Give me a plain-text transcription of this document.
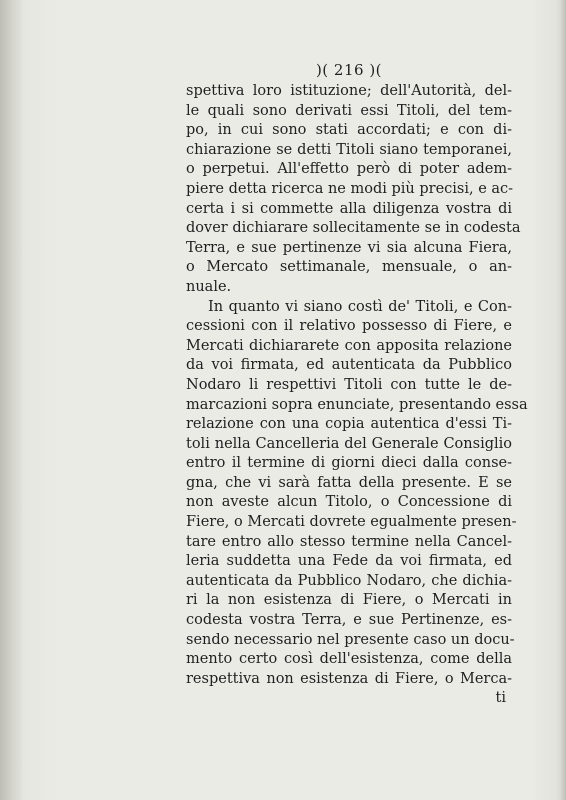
)( 216 )(
spettiva loro istituzione; dell'Autorità, del-
le quali sono derivati essi Titoli, del tem-
po, in cui sono stati accordati; e con di-
chiarazione se detti Titoli siano temporanei,
o perpetui. All'effetto però di poter adem-
piere detta ricerca ne modi più precisi, e ac-
certa i si commette alla diligenza vostra di
dover dichiarare sollecitamente se in codesta
Terra, e sue pertinenze vi sia alcuna Fiera,
o Mercato settimanale, mensuale, o an-
nuale.
In quanto vi siano costì de' Titoli, e Con-
cessioni con il relativo possesso di Fiere, e
Mercati dichiararete con apposita relazione
da voi firmata, ed autenticata da Pubblico
Nodaro li respettivi Titoli con tutte le de-
marcazioni sopra enunciate, presentando essa
relazione con una copia autentica d'essi Ti-
toli nella Cancelleria del Generale Consiglio
entro il termine di giorni dieci dalla conse-
gna, che vi sarà fatta della presente. E se
non aveste alcun Titolo, o Concessione di
Fiere, o Mercati dovrete egualmente presen-
tare entro allo stesso termine nella Cancel-
leria suddetta una Fede da voi firmata, ed
autenticata da Pubblico Nodaro, che dichia-
ri la non esistenza di Fiere, o Mercati in
codesta vostra Terra, e sue Pertinenze, es-
sendo necessario nel presente caso un docu-
mento certo così dell'esistenza, come della
respettiva non esistenza di Fiere, o Merca-
ti
